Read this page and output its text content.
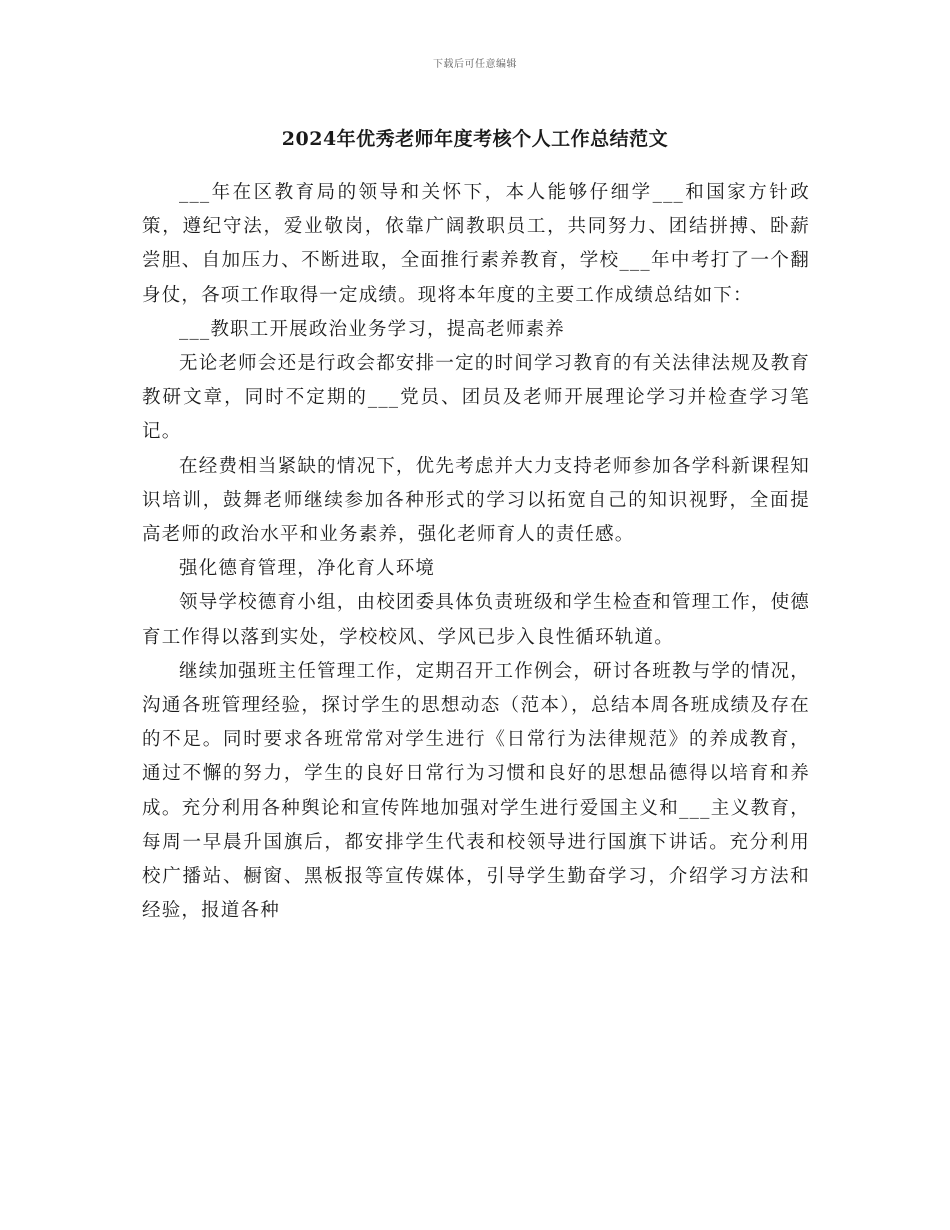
下载后可任意编辑
2024年优秀老师年度考核个人工作总结范文

___年在区教育局的领导和关怀下，本人能够仔细学___和国家方针政策，遵纪守法，爱业敬岗，依靠广阔教职员工，共同努力、团结拼搏、卧薪尝胆、自加压力、不断进取，全面推行素养教育，学校___年中考打了一个翻身仗，各项工作取得一定成绩。现将本年度的主要工作成绩总结如下：

___教职工开展政治业务学习，提高老师素养

无论老师会还是行政会都安排一定的时间学习教育的有关法律法规及教育教研文章，同时不定期的___党员、团员及老师开展理论学习并检查学习笔记。

在经费相当紧缺的情况下，优先考虑并大力支持老师参加各学科新课程知识培训，鼓舞老师继续参加各种形式的学习以拓宽自己的知识视野，全面提高老师的政治水平和业务素养，强化老师育人的责任感。

强化德育管理，净化育人环境

领导学校德育小组，由校团委具体负责班级和学生检查和管理工作，使德育工作得以落到实处，学校校风、学风已步入良性循环轨道。

继续加强班主任管理工作，定期召开工作例会，研讨各班教与学的情况，沟通各班管理经验，探讨学生的思想动态（范本），总结本周各班成绩及存在的不足。同时要求各班常常对学生进行《日常行为法律规范》的养成教育，通过不懈的努力，学生的良好日常行为习惯和良好的思想品德得以培育和养成。充分利用各种舆论和宣传阵地加强对学生进行爱国主义和___主义教育，每周一早晨升国旗后，都安排学生代表和校领导进行国旗下讲话。充分利用校广播站、橱窗、黑板报等宣传媒体，引导学生勤奋学习，介绍学习方法和经验，报道各种
